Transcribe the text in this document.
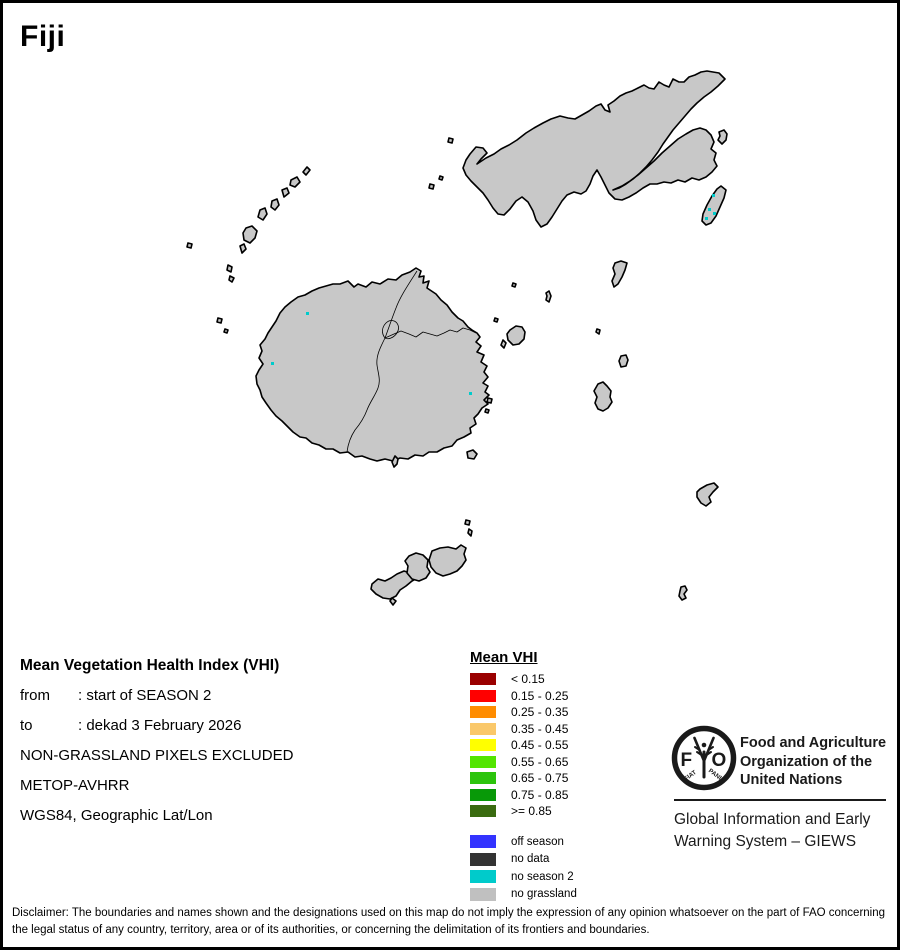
Fiji
Mean Vegetation Health Index (VHI)
from : start of SEASON 2
to	: dekad 3 February 2026
NON-GRASSLAND PIXELS EXCLUDED
METOP-AVHRR
WGS84, Geographic Lat/Lon
Mean VHI
< 0.15
0.15 - 0.25
0.25 - 0.35
0.35 - 0.45
0.45 - 0.55
0.55 - 0.65
0.65 - 0.75
0.75 - 0.85
>= 0.85
off season
no data
no season 2
no grassland
F O
FIAT PANIS
Food and Agriculture
Organization of the
United Nations
Global Information and Early
Warning System – GIEWS
Disclaimer: The boundaries and names shown and the designations used on this map do not imply the expression of any opinion whatsoever on the part of FAO concerning the legal status of any country, territory, area or of its authorities, or concerning the delimitation of its frontiers and boundaries.
